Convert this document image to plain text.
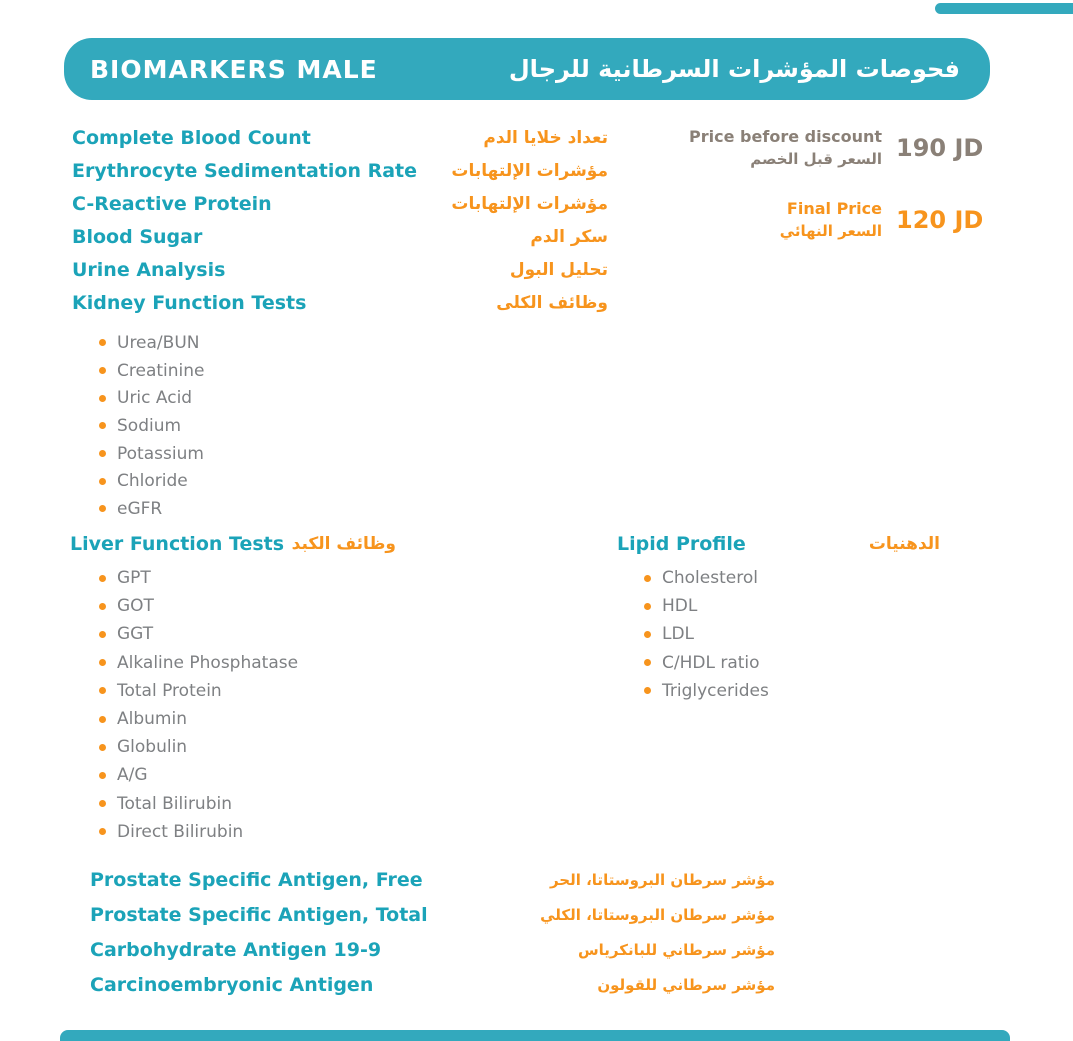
BIOMARKERS MALE	فحوصات المؤشرات السرطانية للرجال
Complete Blood Count	تعداد خلايا الدم
Erythrocyte Sedimentation Rate مؤشرات الإلتهابات
C-Reactive Protein	مؤشرات الإلتهابات
Blood Sugar	سكر الدم
Urine Analysis	تحليل البول
Kidney Function Tests	وظائف الكلى
Price before discount
السعر قبل الخصم 190 JD
Final Price
السعر النهائي 120 JD
Urea/BUN
Creatinine
Uric Acid
Sodium
Potassium
Chloride
eGFR
Liver Function Tests وظائف الكبد	Lipid Profile	الدهنيات
GPT
GOT
GGT
Alkaline Phosphatase
Total Protein
Albumin
Globulin
A/G
Total Bilirubin
Direct Bilirubin
Cholesterol
HDL
LDL
C/HDL ratio
Triglycerides
Prostate Specific Antigen, Free	مؤشر سرطان البروستاتا، الحر
Prostate Specific Antigen, Total	مؤشر سرطان البروستاتا، الكلي
Carbohydrate Antigen 19-9	مؤشر سرطاني للبانكرياس
Carcinoembryonic Antigen	مؤشر سرطاني للقولون
